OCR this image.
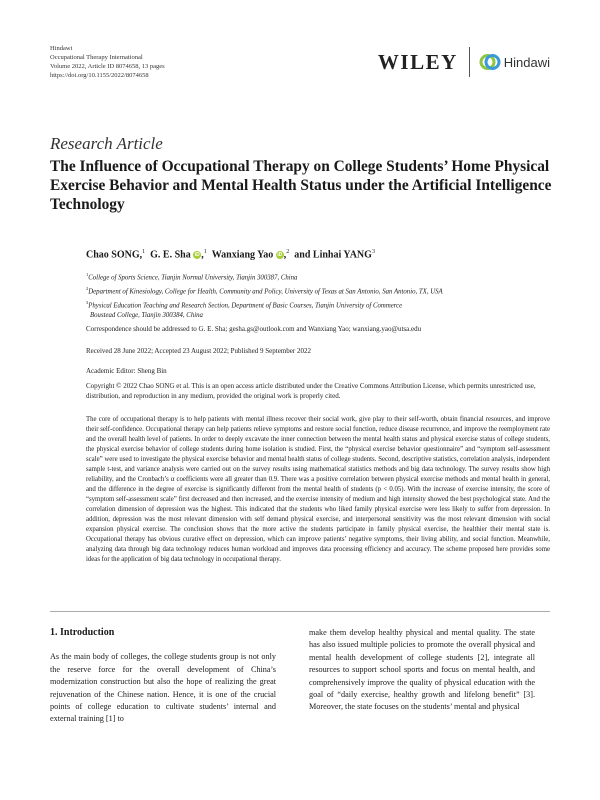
Hindawi
Occupational Therapy International
Volume 2022, Article ID 8074658, 13 pages
https://doi.org/10.1155/2022/8074658
WILEY	Hindawi
Research Article
The Influence of Occupational Therapy on College Students’ Home Physical Exercise Behavior and Mental Health Status under the Artificial Intelligence Technology
Chao SONG,$^1$ G. E. Sha iD ,$^1$ Wanxiang Yao iD ,$^2$ and Linhai YANG$^3$
$^1$College of Sports Science, Tianjin Normal University, Tianjin 300387, China
$^2$Department of Kinesiology, College for Health, Community and Policy, University of Texas at San Antonio, San Antonio, TX, USA
$^3$Physical Education Teaching and Research Section, Department of Basic Courses, Tianjin University of Commerce
Boustead College, Tianjin 300384, China
Correspondence should be addressed to G. E. Sha; gesha.gs@outlook.com and Wanxiang Yao; wanxiang.yao@utsa.edu
Received 28 June 2022; Accepted 23 August 2022; Published 9 September 2022
Academic Editor: Sheng Bin
Copyright © 2022 Chao SONG et al. This is an open access article distributed under the Creative Commons Attribution License, which permits unrestricted use, distribution, and reproduction in any medium, provided the original work is properly cited.

The core of occupational therapy is to help patients with mental illness recover their social work, give play to their self-worth, obtain financial resources, and improve their self-confidence. Occupational therapy can help patients relieve symptoms and restore social function, reduce disease recurrence, and improve the reemployment rate and the overall health level of patients. In order to deeply excavate the inner connection between the mental health status and physical exercise status of college students, the physical exercise behavior of college students during home isolation is studied. First, the “physical exercise behavior questionnaire” and “symptom self-assessment scale” were used to investigate the physical exercise behavior and mental health status of college students. Second, descriptive statistics, correlation analysis, independent sample t-test, and variance analysis were carried out on the survey results using mathematical statistics methods and big data technology. The survey results show high reliability, and the Cronbach’s α coefficients were all greater than 0.9. There was a positive correlation between physical exercise methods and mental health in general, and the difference in the degree of exercise is significantly different from the mental health of students (p < 0.05). With the increase of exercise intensity, the score of “symptom self-assessment scale” first decreased and then increased, and the exercise intensity of medium and high intensity showed the best psychological state. And the correlation dimension of depression was the highest. This indicated that the students who liked family physical exercise were less likely to suffer from depression. In addition, depression was the most relevant dimension with self demand physical exercise, and interpersonal sensitivity was the most relevant dimension with social expansion physical exercise. The conclusion shows that the more active the students participate in family physical exercise, the healthier their mental state is. Occupational therapy has obvious curative effect on depression, which can improve patients’ negative symptoms, their living ability, and social function. Meanwhile, analyzing data through big data technology reduces human workload and improves data processing efficiency and accuracy. The scheme proposed here provides some ideas for the application of big data technology in occupational therapy.

1. Introduction

As the main body of colleges, the college students group is not only the reserve force for the overall development of China’s modernization construction but also the hope of realizing the great rejuvenation of the Chinese nation. Hence, it is one of the crucial points of college education to cultivate students’ internal and external training [1] to

make them develop healthy physical and mental quality. The state has also issued multiple policies to promote the overall physical and mental health development of college students [2], integrate all resources to support school sports and focus on mental health, and comprehensively improve the quality of physical education with the goal of “daily exercise, healthy growth and lifelong benefit” [3]. Moreover, the state focuses on the students’ mental and physical
